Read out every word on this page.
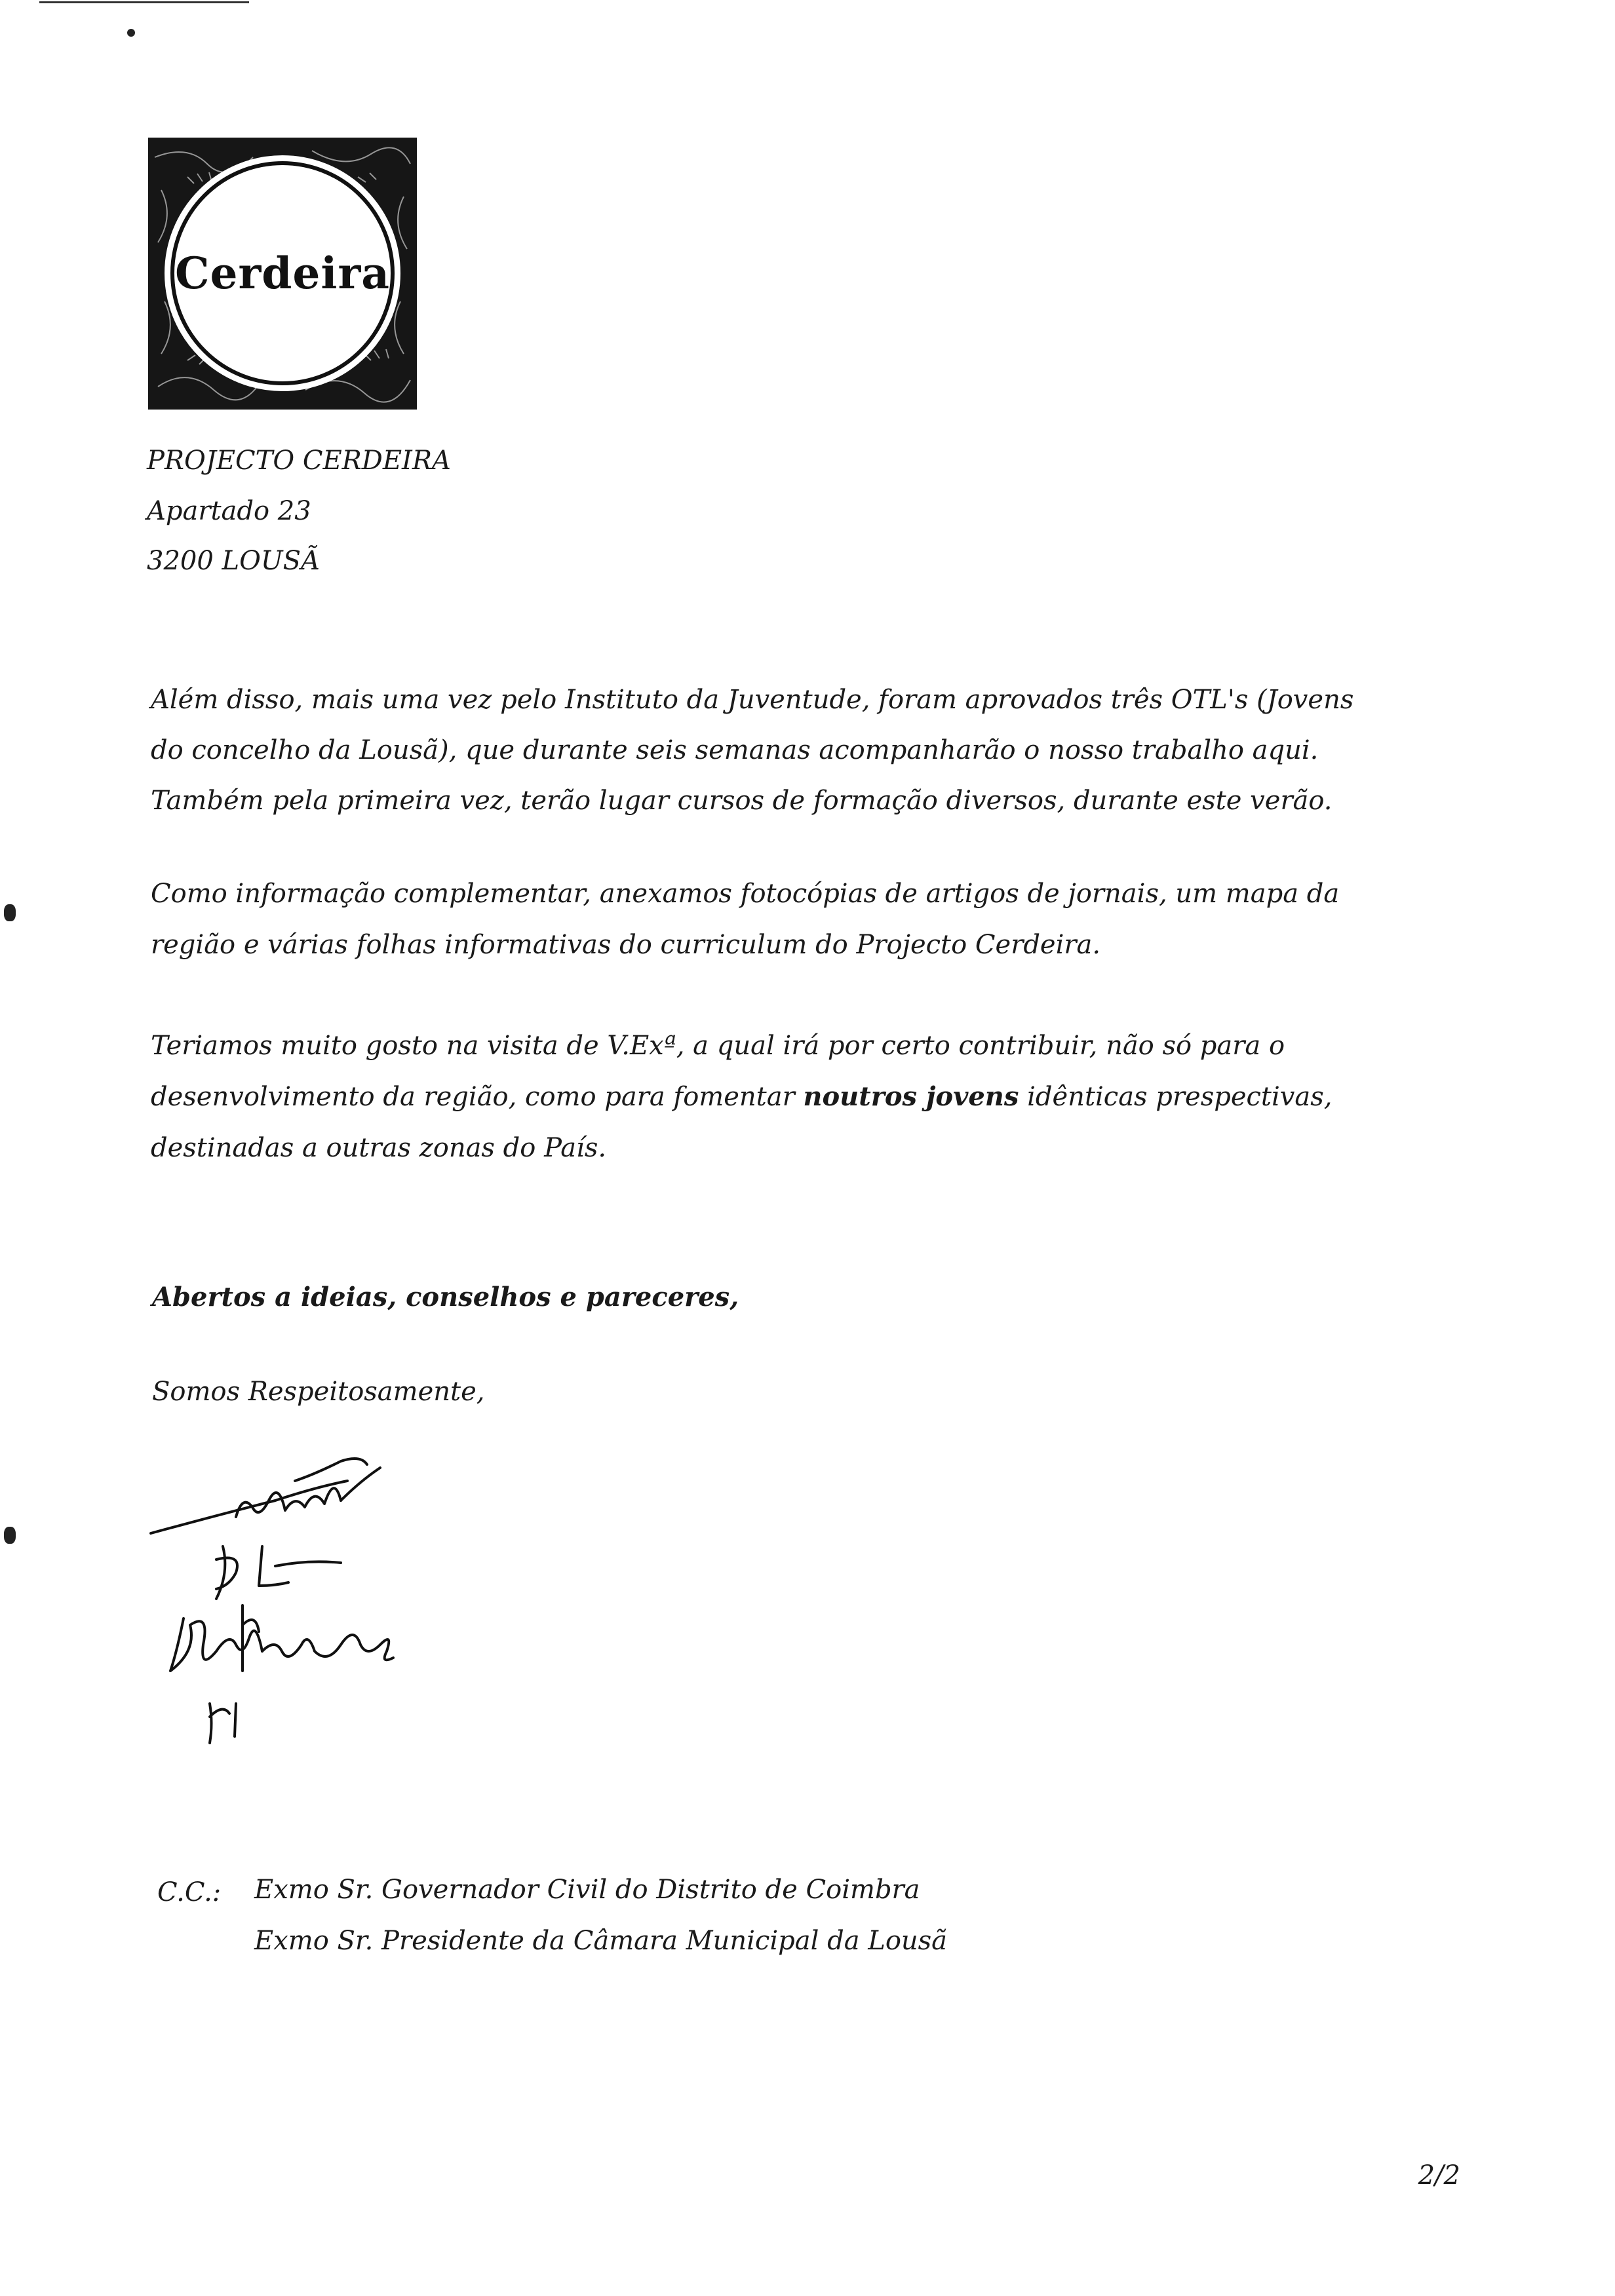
Cerdeira
PROJECTO CERDEIRA
Apartado 23
3200 LOUSÃ
Além disso, mais uma vez pelo Instituto da Juventude, foram aprovados três OTL's (Jovens
do concelho da Lousã), que durante seis semanas acompanharão o nosso trabalho aqui.
Também pela primeira vez, terão lugar cursos de formação diversos, durante este verão.
Como informação complementar, anexamos fotocópias de artigos de jornais, um mapa da
região e várias folhas informativas do curriculum do Projecto Cerdeira.
Teriamos muito gosto na visita de V.Exª, a qual irá por certo contribuir, não só para o
desenvolvimento da região, como para fomentar noutros jovens idênticas prespectivas,
destinadas a outras zonas do País.
Abertos a ideias, conselhos e pareceres,
Somos Respeitosamente,
C.C.: Exmo Sr. Governador Civil do Distrito de Coimbra
Exmo Sr. Presidente da Câmara Municipal da Lousã
2/2
